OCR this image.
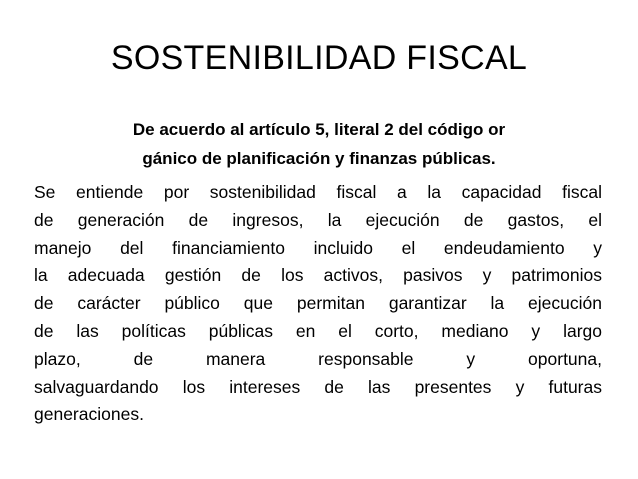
SOSTENIBILIDAD FISCAL
De acuerdo al artículo 5, literal 2 del código or
gánico de planificación y finanzas públicas.
Se entiende por sostenibilidad fiscal a la capacidad fiscal
de generación de ingresos, la ejecución de gastos, el
manejo del financiamiento incluido el endeudamiento y
la adecuada gestión de los activos, pasivos y patrimonios
de carácter público que permitan garantizar la ejecución
de las políticas públicas en el corto, mediano y largo
plazo, de manera responsable y oportuna,
salvaguardando los intereses de las presentes y futuras
generaciones.
